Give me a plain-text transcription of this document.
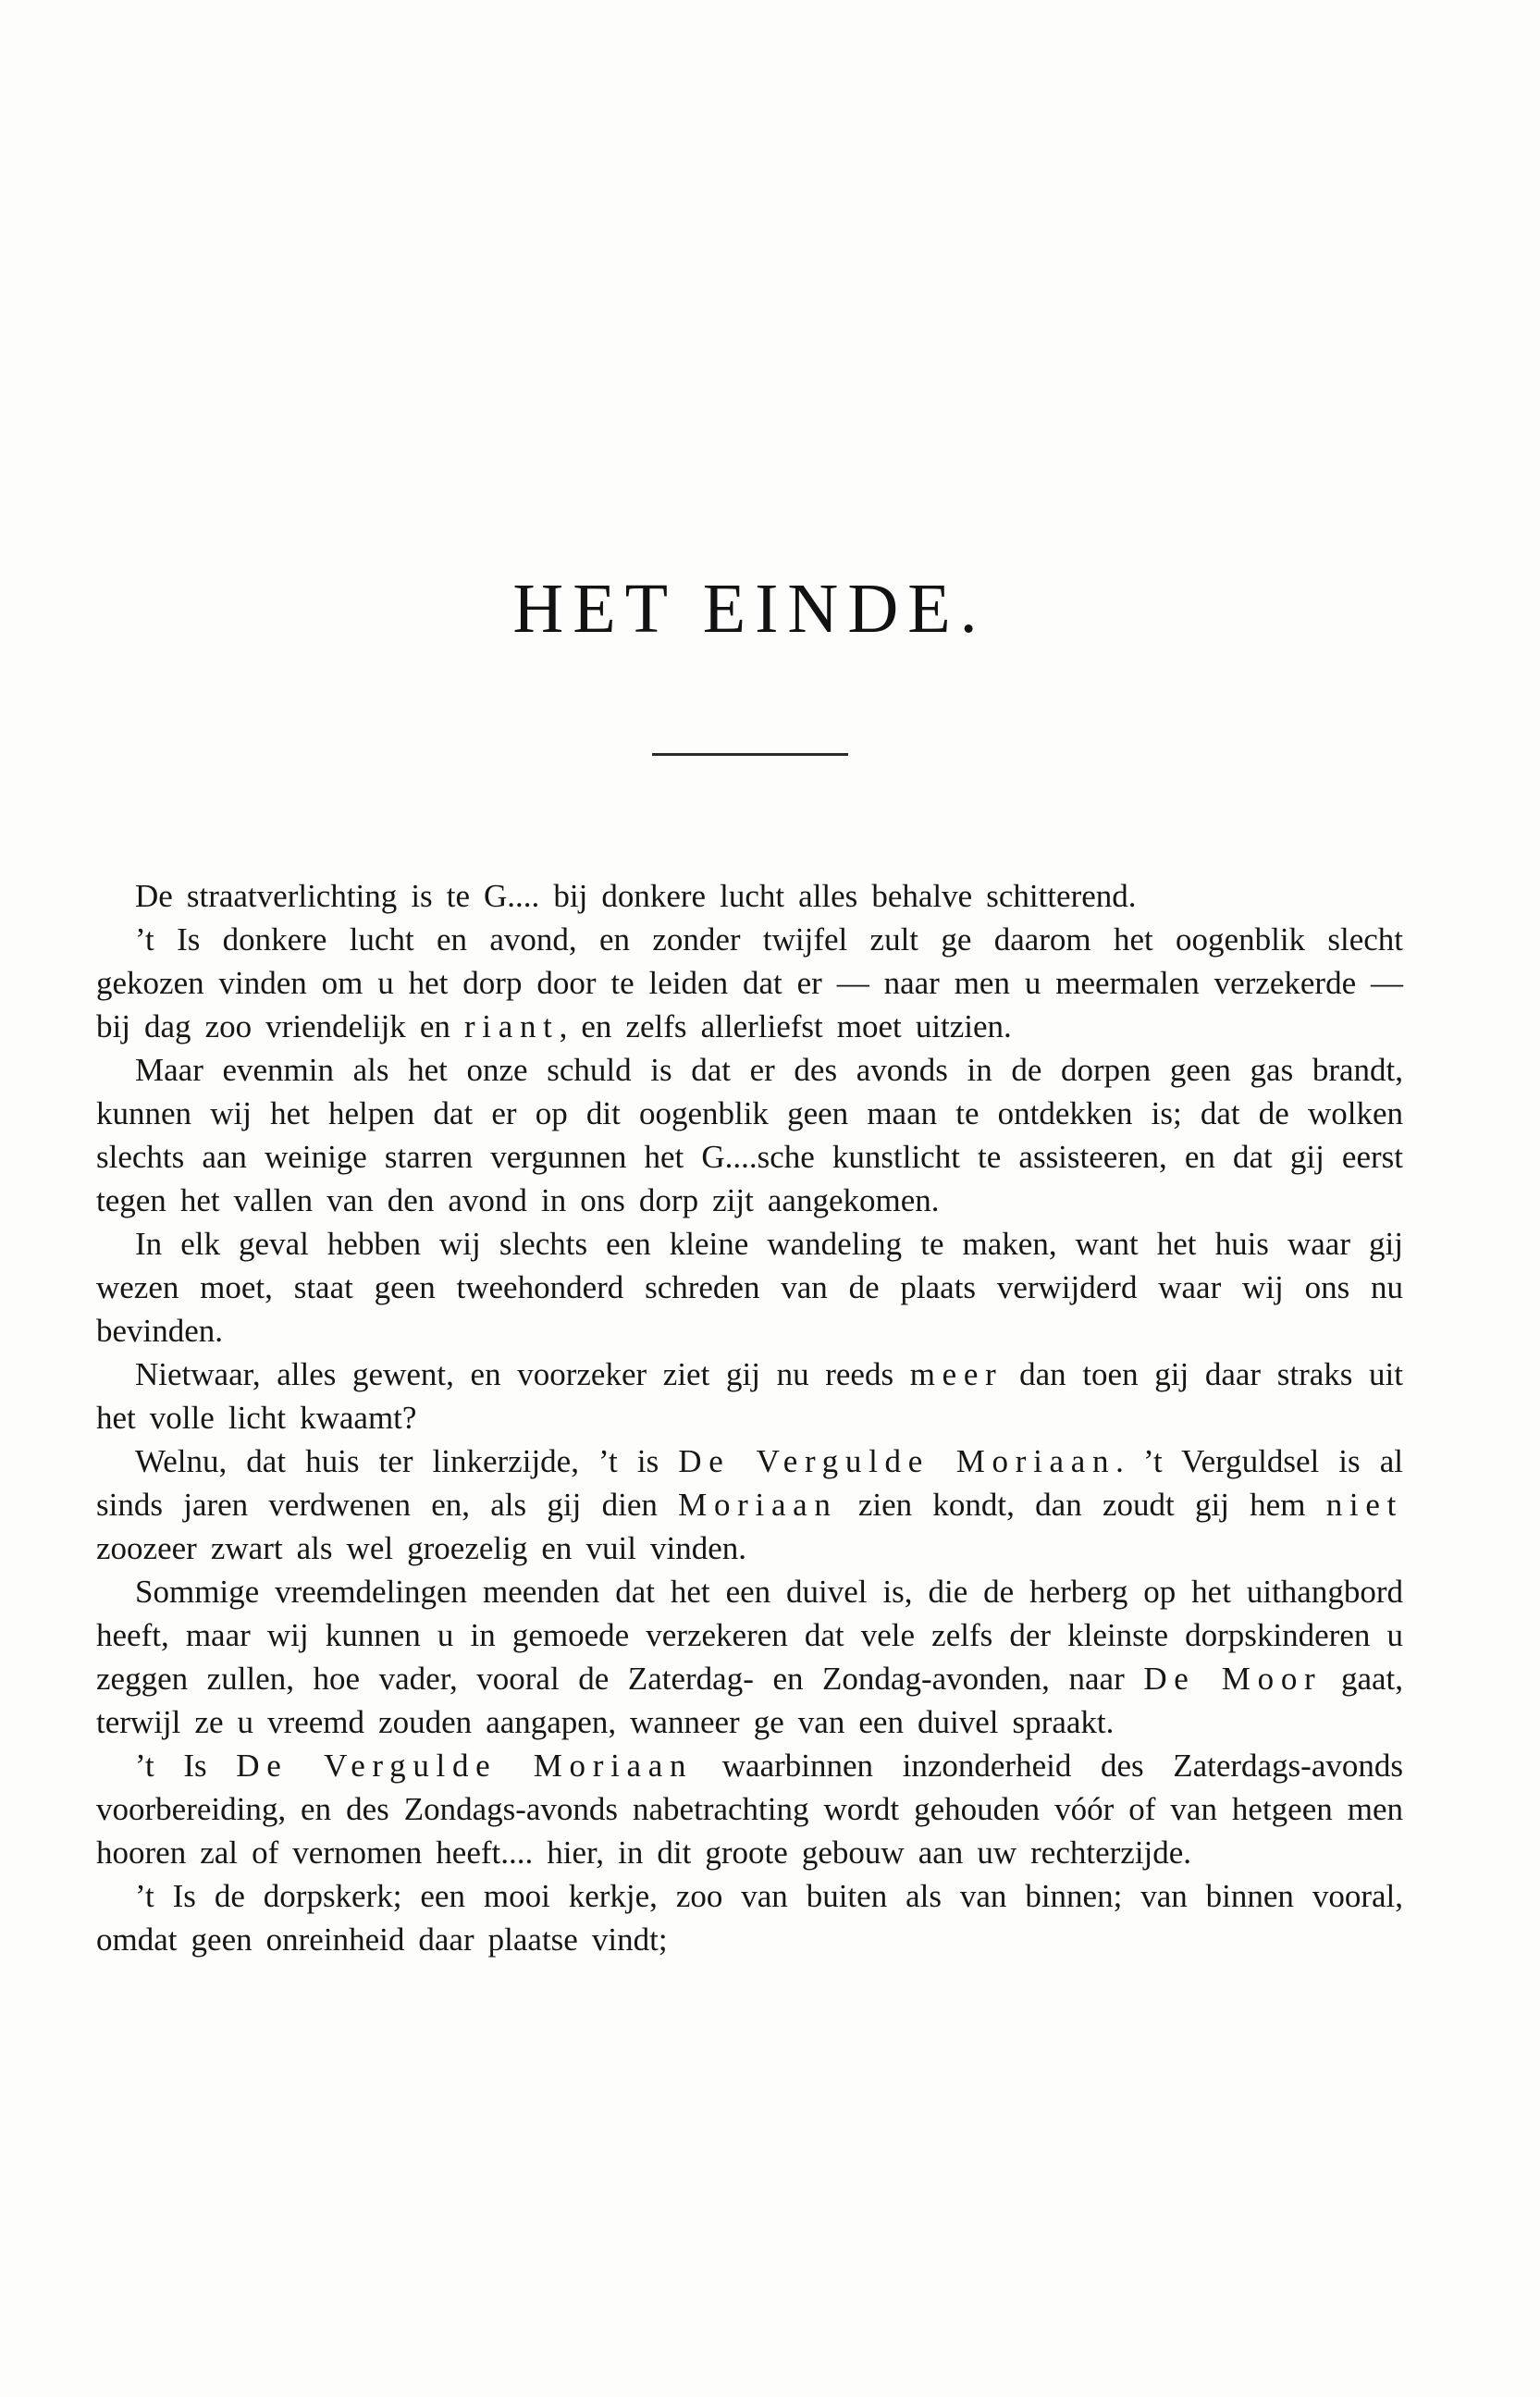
HET EINDE.

De straatverlichting is te G.... bij donkere lucht alles behalve schitterend.

’t Is donkere lucht en avond, en zonder twijfel zult ge daarom het oogenblik slecht gekozen vinden om u het dorp door te leiden dat er — naar men u meermalen verzekerde — bij dag zoo vriendelijk en riant, en zelfs allerliefst moet uitzien.

Maar evenmin als het onze schuld is dat er des avonds in de dorpen geen gas brandt, kunnen wij het helpen dat er op dit oogenblik geen maan te ontdekken is; dat de wolken slechts aan weinige starren vergunnen het G....sche kunstlicht te assisteeren, en dat gij eerst tegen het vallen van den avond in ons dorp zijt aangekomen.

In elk geval hebben wij slechts een kleine wandeling te maken, want het huis waar gij wezen moet, staat geen tweehonderd schreden van de plaats verwijderd waar wij ons nu bevinden.

Nietwaar, alles gewent, en voorzeker ziet gij nu reeds meer dan toen gij daar straks uit het volle licht kwaamt?

Welnu, dat huis ter linkerzijde, ’t is De Vergulde Moriaan. ’t Verguldsel is al sinds jaren verdwenen en, als gij dien Moriaan zien kondt, dan zoudt gij hem niet zoozeer zwart als wel groezelig en vuil vinden.

Sommige vreemdelingen meenden dat het een duivel is, die de herberg op het uithangbord heeft, maar wij kunnen u in gemoede verzekeren dat vele zelfs der kleinste dorpskinderen u zeggen zullen, hoe vader, vooral de Zaterdag- en Zondag-avonden, naar De Moor gaat, terwijl ze u vreemd zouden aangapen, wanneer ge van een duivel spraakt.

’t Is De Vergulde Moriaan waarbinnen inzonderheid des Zaterdags-avonds voorbereiding, en des Zondags-avonds nabetrachting wordt gehouden vóór of van hetgeen men hooren zal of vernomen heeft.... hier, in dit groote gebouw aan uw rechterzijde.

’t Is de dorpskerk; een mooi kerkje, zoo van buiten als van binnen; van binnen vooral, omdat geen onreinheid daar plaatse vindt;
